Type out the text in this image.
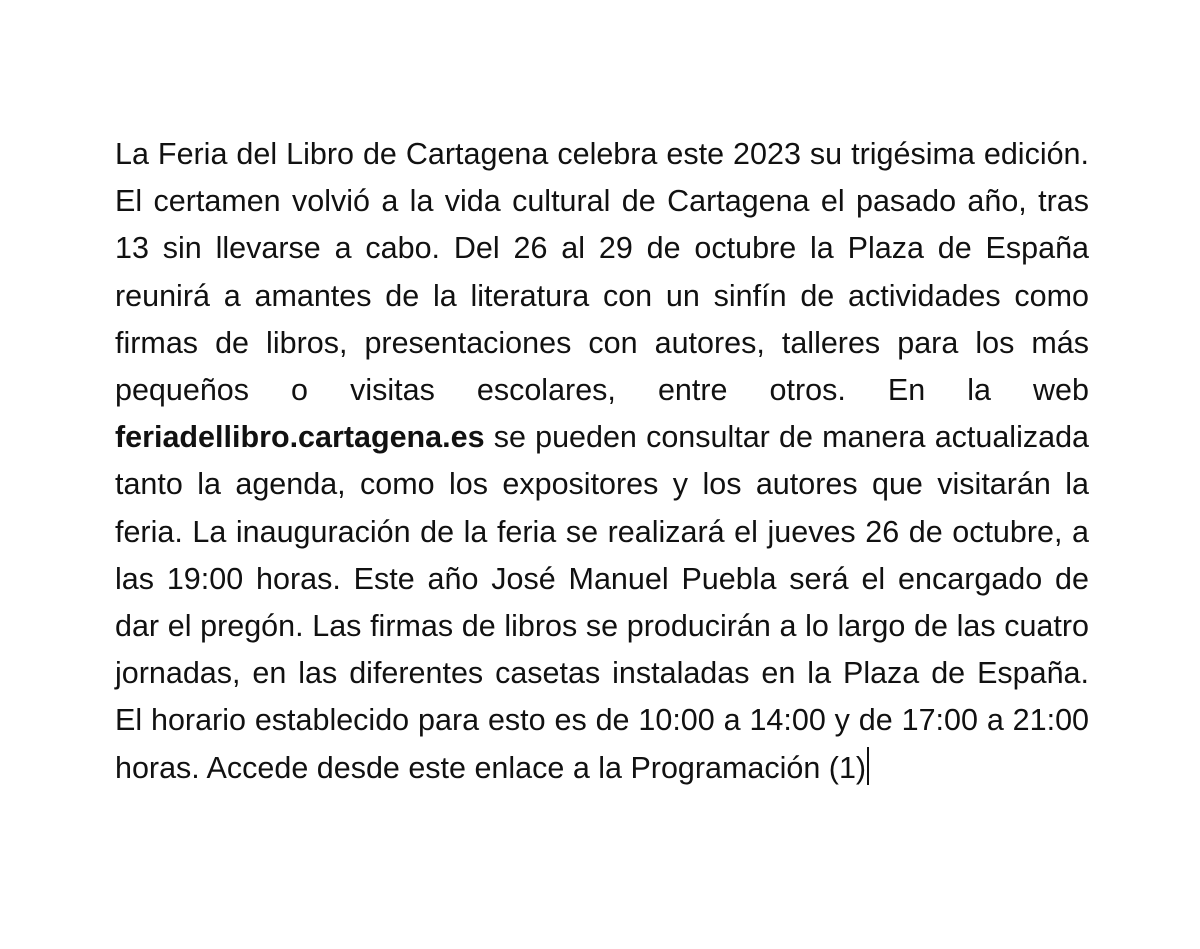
La Feria del Libro de Cartagena celebra este 2023 su trigésima edición. El certamen volvió a la vida cultural de Cartagena el pasado año, tras 13 sin llevarse a cabo. Del 26 al 29 de octubre la Plaza de España reunirá a amantes de la literatura con un sinfín de actividades como firmas de libros, presentaciones con autores, talleres para los más pequeños o visitas escolares, entre otros. En la web feriadellibro.cartagena.es se pueden consultar de manera actualizada tanto la agenda, como los expositores y los autores que visitarán la feria. La inauguración de la feria se realizará el jueves 26 de octubre, a las 19:00 horas. Este año José Manuel Puebla será el encargado de dar el pregón. Las firmas de libros se producirán a lo largo de las cuatro jornadas, en las diferentes casetas instaladas en la Plaza de España. El horario establecido para esto es de 10:00 a 14:00 y de 17:00 a 21:00 horas. Accede desde este enlace a la Programación (1)
